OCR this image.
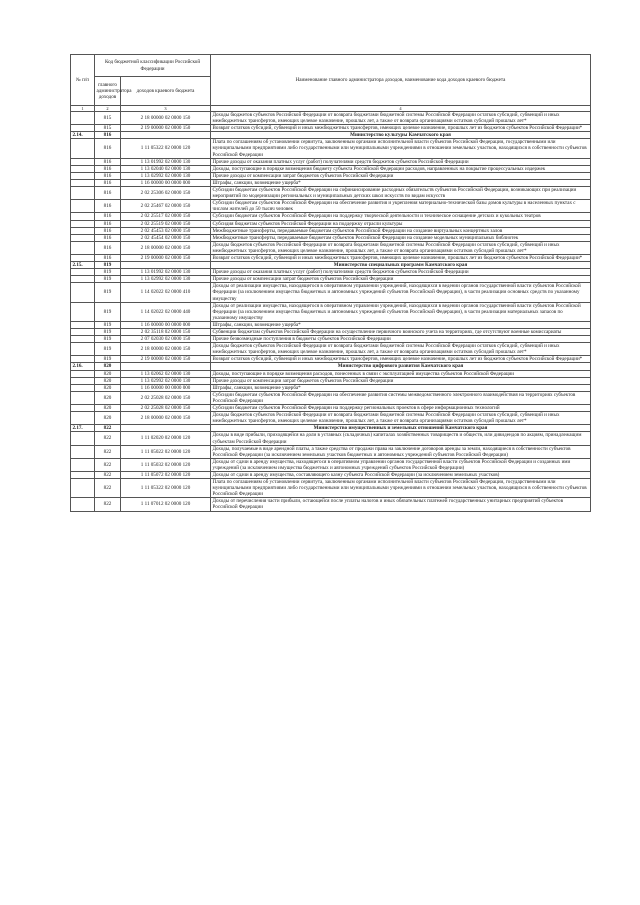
№ п/п	Код бюджетной классификации Российской Федерации		Наименование главного администратора доходов, наименование кода доходов краевого бюджета
	главного администратора доходов	доходов краевого бюджета	
1	2	3	4
	815	2 18 00000 02 0000 150	Доходы бюджетов субъектов Российской Федерации от возврата бюджетами бюджетной системы Российской Федерации остатков субсидий, субвенций и иных межбюджетных трансфертов, имеющих целевое назначение, прошлых лет, а также от возврата организациями остатков субсидий прошлых лет*
	815	2 19 00000 02 0000 150	Возврат остатков субсидий, субвенций и иных межбюджетных трансфертов, имеющих целевое назначение, прошлых лет из бюджетов субъектов Российской Федерации*
2.14.	816		Министерство культуры Камчатского края
	816	1 11 05322 02 0000 120	Плата по соглашениям об установлении сервитута, заключенным органами исполнительной власти субъектов Российской Федерации, государственными или муниципальными предприятиями либо государственными или муниципальными учреждениями в отношении земельных участков, находящихся в собственности субъектов Российской Федерации
	816	1 13 01992 02 0000 130	Прочие доходы от оказания платных услуг (работ) получателями средств бюджетов субъектов Российской Федерации
	816	1 13 02040 02 0000 130	Доходы, поступающие в порядке возмещения бюджету субъекта Российской Федерации расходов, направленных на покрытие процессуальных издержек
	816	1 13 02992 02 0000 130	Прочие доходы от компенсации затрат бюджетов субъектов Российской Федерации
	816	1 16 00000 00 0000 000	Штрафы, санкции, возмещение ущерба*
	816	2 02 25306 02 0000 150	Субсидии бюджетам субъектов Российской Федерации на софинансирование расходных обязательств субъектов Российской Федерации, возникающих при реализации мероприятий по модернизации региональных и муниципальных детских школ искусств по видам искусств
	816	2 02 25467 02 0000 150	Субсидии бюджетам субъектов Российской Федерации на обеспечение развития и укрепления материально-технической базы домов культуры в населенных пунктах с числом жителей до 50 тысяч человек
	816	2 02 25517 02 0000 150	Субсидии бюджетам субъектов Российской Федерации на поддержку творческой деятельности и техническое оснащение детских и кукольных театров
	816	2 02 25519 02 0000 150	Субсидия бюджетам субъектов Российской Федерации на поддержку отрасли культуры
	816	2 02 45453 02 0000 150	Межбюджетные трансферты, передаваемые бюджетам субъектов Российской Федерации на создание виртуальных концертных залов
	816	2 02 45454 02 0000 150	Межбюджетные трансферты, передаваемые бюджетам субъектов Российской Федерации на создание модельных муниципальных библиотек
	816	2 18 00000 02 0000 150	Доходы бюджетов субъектов Российской Федерации от возврата бюджетами бюджетной системы Российской Федерации остатков субсидий, субвенций и иных межбюджетных трансфертов, имеющих целевое назначение, прошлых лет, а также от возврата организациями остатков субсидий прошлых лет*
	816	2 19 00000 02 0000 150	Возврат остатков субсидий, субвенций и иных межбюджетных трансфертов, имеющих целевое назначение, прошлых лет из бюджетов субъектов Российской Федерации*
2.15.	819		Министерство специальных программ Камчатского края
	819	1 13 01992 02 0000 130	Прочие доходы от оказания платных услуг (работ) получателями средств бюджетов субъектов Российской Федерации
	819	1 13 02992 02 0000 130	Прочие доходы от компенсации затрат бюджетов субъектов Российской Федерации
	819	1 14 02022 02 0000 410	Доходы от реализации имущества, находящегося в оперативном управлении учреждений, находящихся в ведении органов государственной власти субъектов Российской Федерации (за исключением имущества бюджетных и автономных учреждений субъектов Российской Федерации), в части реализации основных средств по указанному имуществу
	819	1 14 02022 02 0000 440	Доходы от реализации имущества, находящегося в оперативном управлении учреждений, находящихся в ведении органов государственной власти субъектов Российской Федерации (за исключением имущества бюджетных и автономных учреждений субъектов Российской Федерации), в части реализации материальных запасов по указанному имуществу
	819	1 16 00000 00 0000 000	Штрафы, санкции, возмещение ущерба*
	819	2 02 35118 02 0000 150	Субвенции бюджетам субъектов Российской Федерации на осуществление первичного воинского учета на территориях, где отсутствуют военные комиссариаты
	819	2 07 02030 02 0000 150	Прочие безвозмездные поступления в бюджеты субъектов Российской Федерации
	819	2 18 00000 02 0000 150	Доходы бюджетов субъектов Российской Федерации от возврата бюджетами бюджетной системы Российской Федерации остатков субсидий, субвенций и иных межбюджетных трансфертов, имеющих целевое назначение, прошлых лет, а также от возврата организациями остатков субсидий прошлых лет*
	819	2 19 00000 02 0000 150	Возврат остатков субсидий, субвенций и иных межбюджетных трансфертов, имеющих целевое назначение, прошлых лет из бюджетов субъектов Российской Федерации*
2.16.	820		Министерство цифрового развития Камчатского края
	820	1 13 02062 02 0000 130	Доходы, поступающие в порядке возмещения расходов, понесенных в связи с эксплуатацией имущества субъектов Российской Федерации
	820	1 13 02992 02 0000 130	Прочие доходы от компенсации затрат бюджетов субъектов Российской Федерации
	820	1 16 00000 00 0000 000	Штрафы, санкции, возмещение ущерба*
	820	2 02 25028 02 0000 150	Субсидии бюджетам субъектов Российской Федерации на обеспечение развития системы межведомственного электронного взаимодействия на территориях субъектов Российской Федерации
	820	2 02 25028 02 0000 150	Субсидии бюджетам субъектов Российской Федерации на поддержку региональных проектов в сфере информационных технологий
	820	2 18 00000 02 0000 150	Доходы бюджетов субъектов Российской Федерации от возврата бюджетами бюджетной системы Российской Федерации остатков субсидий, субвенций и иных межбюджетных трансфертов, имеющих целевое назначение, прошлых лет, а также от возврата организациями остатков субсидий прошлых лет*
2.17.	822		Министерство имущественных и земельных отношений Камчатского края
	822	1 11 02020 02 0000 120	Доходы в виде прибыли, приходящейся на доли в уставных (складочных) капиталах хозяйственных товариществ и обществ, или дивидендов по акциям, принадлежащим субъектам Российской Федерации
	822	1 11 05022 02 0000 120	Доходы, получаемые в виде арендной платы, а также средства от продажи права на заключение договоров аренды за земли, находящиеся в собственности субъектов Российской Федерации (за исключением земельных участков бюджетных и автономных учреждений субъектов Российской Федерации)
	822	1 11 05032 02 0000 120	Доходы от сдачи в аренду имущества, находящегося в оперативном управлении органов государственной власти субъектов Российской Федерации и созданных ими учреждений (за исключением имущества бюджетных и автономных учреждений субъектов Российской Федерации)
	822	1 11 05072 02 0000 120	Доходы от сдачи в аренду имущества, составляющего казну субъекта Российской Федерации (за исключением земельных участков)
	822	1 11 05322 02 0000 120	Плата по соглашениям об установлении сервитута, заключенным органами исполнительной власти субъектов Российской Федерации, государственными или муниципальными предприятиями либо государственными или муниципальными учреждениями в отношении земельных участков, находящихся в собственности субъектов Российской Федерации
	822	1 11 07012 02 0000 120	Доходы от перечисления части прибыли, остающейся после уплаты налогов и иных обязательных платежей государственных унитарных предприятий субъектов Российской Федерации
